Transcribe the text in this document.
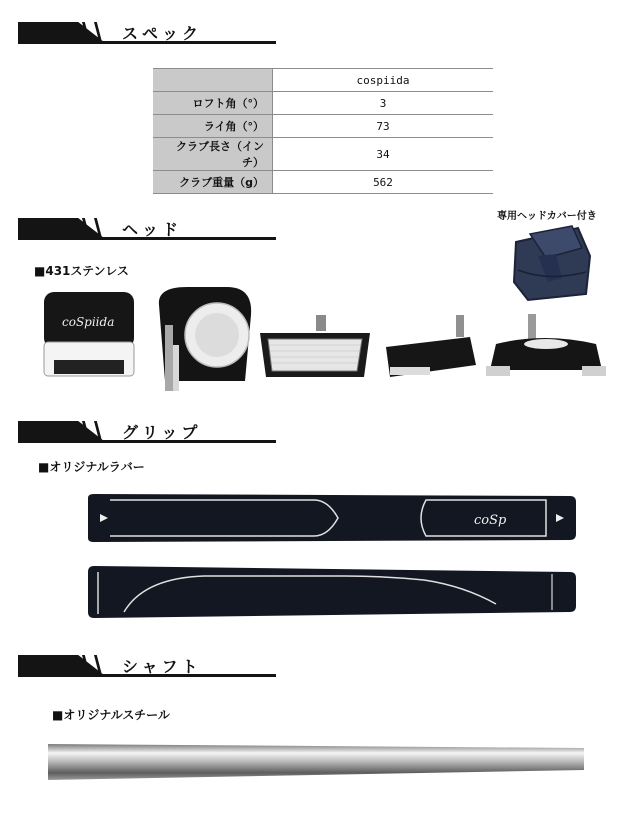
スペック
	cospiida
ロフト角（°）	3
ライ角（°）	73
クラブ長さ（インチ）	34
クラブ重量（g）	562
ヘッド
専用ヘッドカバー付き
■431ステンレス
coSpiida
グリップ
■オリジナルラバー
coSp
シャフト
■オリジナルスチール
